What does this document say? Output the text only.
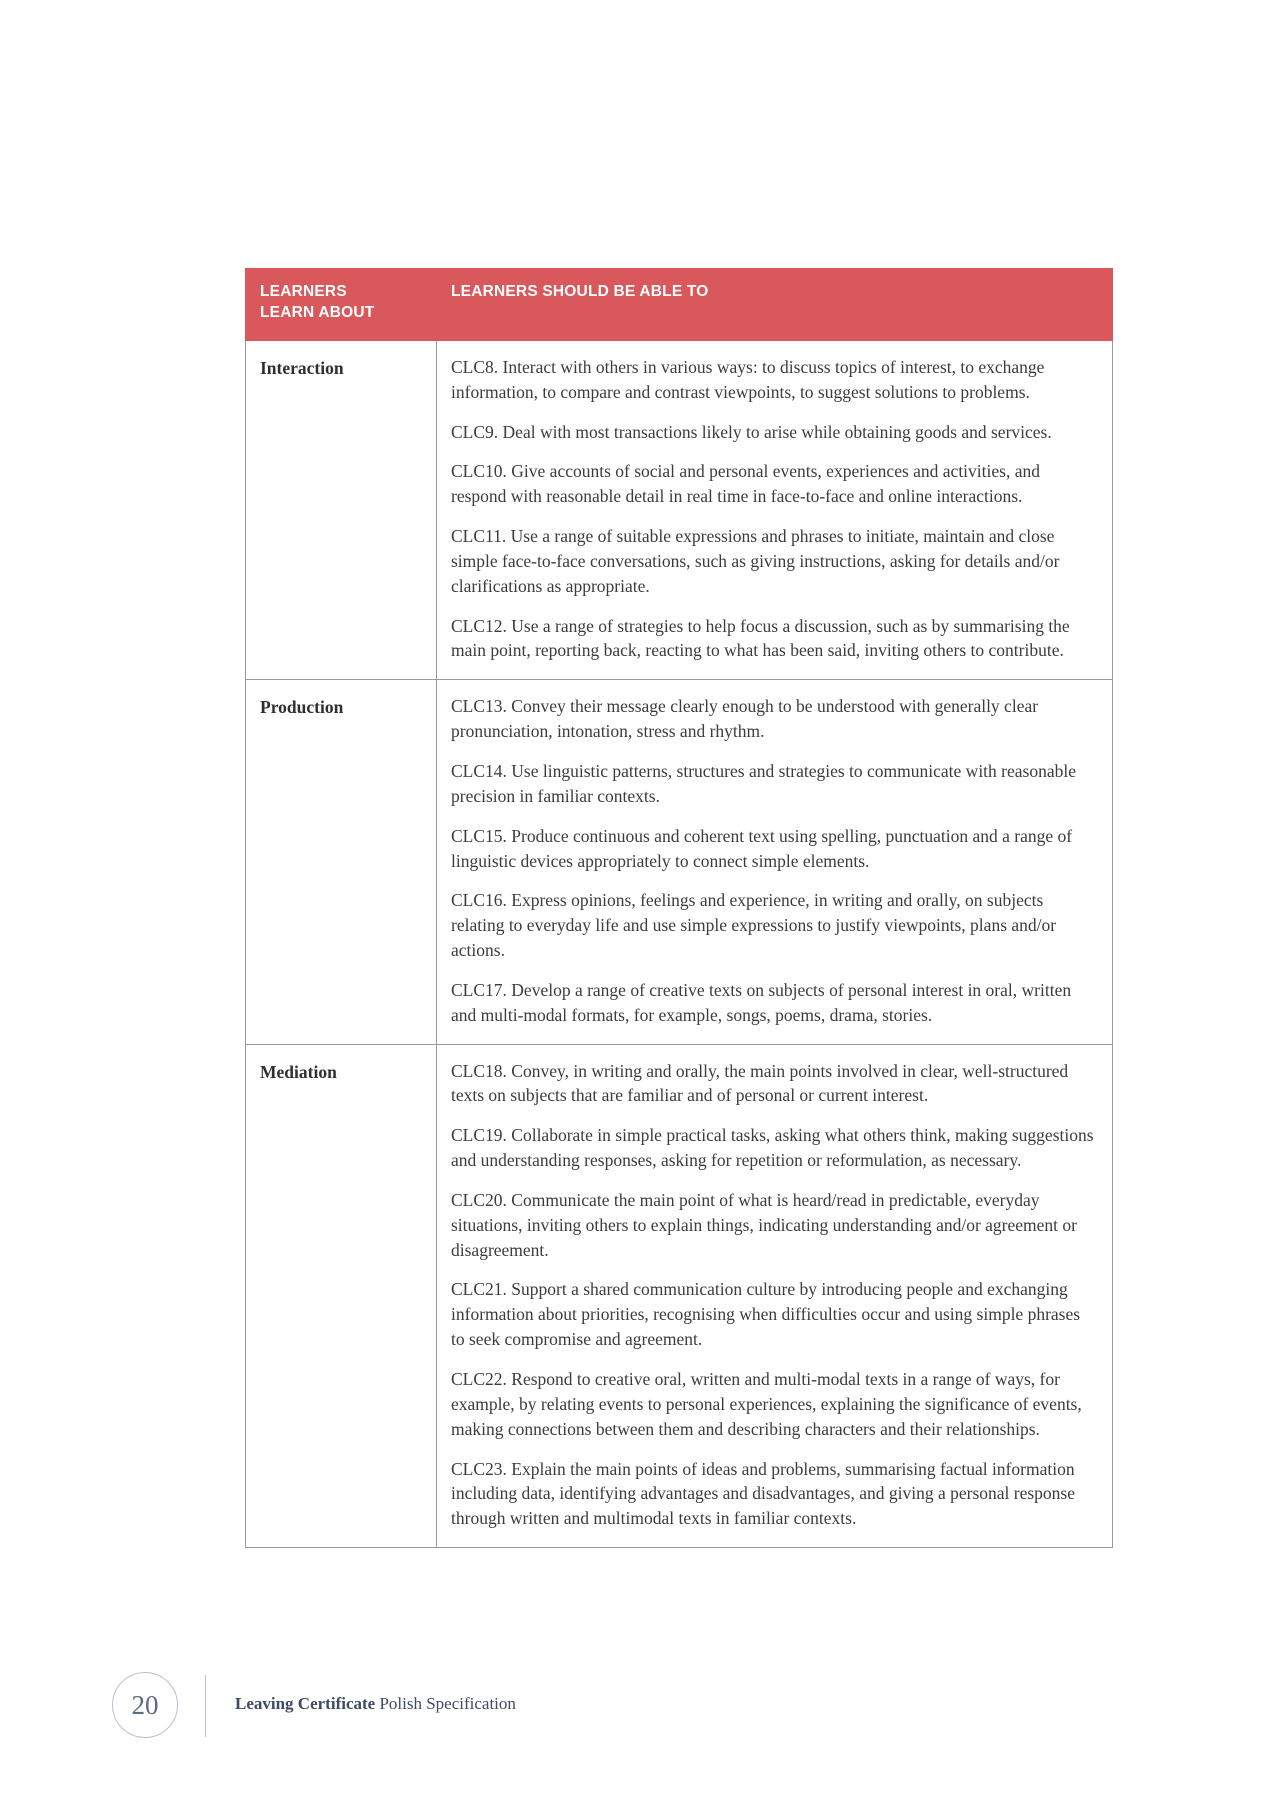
LEARNERS
LEARN ABOUT	LEARNERS SHOULD BE ABLE TO
Interaction	CLC8. Interact with others in various ways: to discuss topics of interest, to exchange information, to compare and contrast viewpoints, to suggest solutions to problems.

CLC9. Deal with most transactions likely to arise while obtaining goods and services.

CLC10. Give accounts of social and personal events, experiences and activities, and respond with reasonable detail in real time in face-to-face and online interactions.

CLC11. Use a range of suitable expressions and phrases to initiate, maintain and close simple face-to-face conversations, such as giving instructions, asking for details and/or clarifications as appropriate.

CLC12. Use a range of strategies to help focus a discussion, such as by summarising the main point, reporting back, reacting to what has been said, inviting others to contribute.

Production	CLC13. Convey their message clearly enough to be understood with generally clear pronunciation, intonation, stress and rhythm.

CLC14. Use linguistic patterns, structures and strategies to communicate with reasonable precision in familiar contexts.

CLC15. Produce continuous and coherent text using spelling, punctuation and a range of linguistic devices appropriately to connect simple elements.

CLC16. Express opinions, feelings and experience, in writing and orally, on subjects relating to everyday life and use simple expressions to justify viewpoints, plans and/or actions.

CLC17. Develop a range of creative texts on subjects of personal interest in oral, written and multi-modal formats, for example, songs, poems, drama, stories.

Mediation	CLC18. Convey, in writing and orally, the main points involved in clear, well-structured texts on subjects that are familiar and of personal or current interest.

CLC19. Collaborate in simple practical tasks, asking what others think, making suggestions and understanding responses, asking for repetition or reformulation, as necessary.

CLC20. Communicate the main point of what is heard/read in predictable, everyday situations, inviting others to explain things, indicating understanding and/or agreement or disagreement.

CLC21. Support a shared communication culture by introducing people and exchanging information about priorities, recognising when difficulties occur and using simple phrases to seek compromise and agreement.

CLC22. Respond to creative oral, written and multi-modal texts in a range of ways, for example, by relating events to personal experiences, explaining the significance of events, making connections between them and describing characters and their relationships.

CLC23. Explain the main points of ideas and problems, summarising factual information including data, identifying advantages and disadvantages, and giving a personal response through written and multimodal texts in familiar contexts.

20	Leaving Certificate Polish Specification
